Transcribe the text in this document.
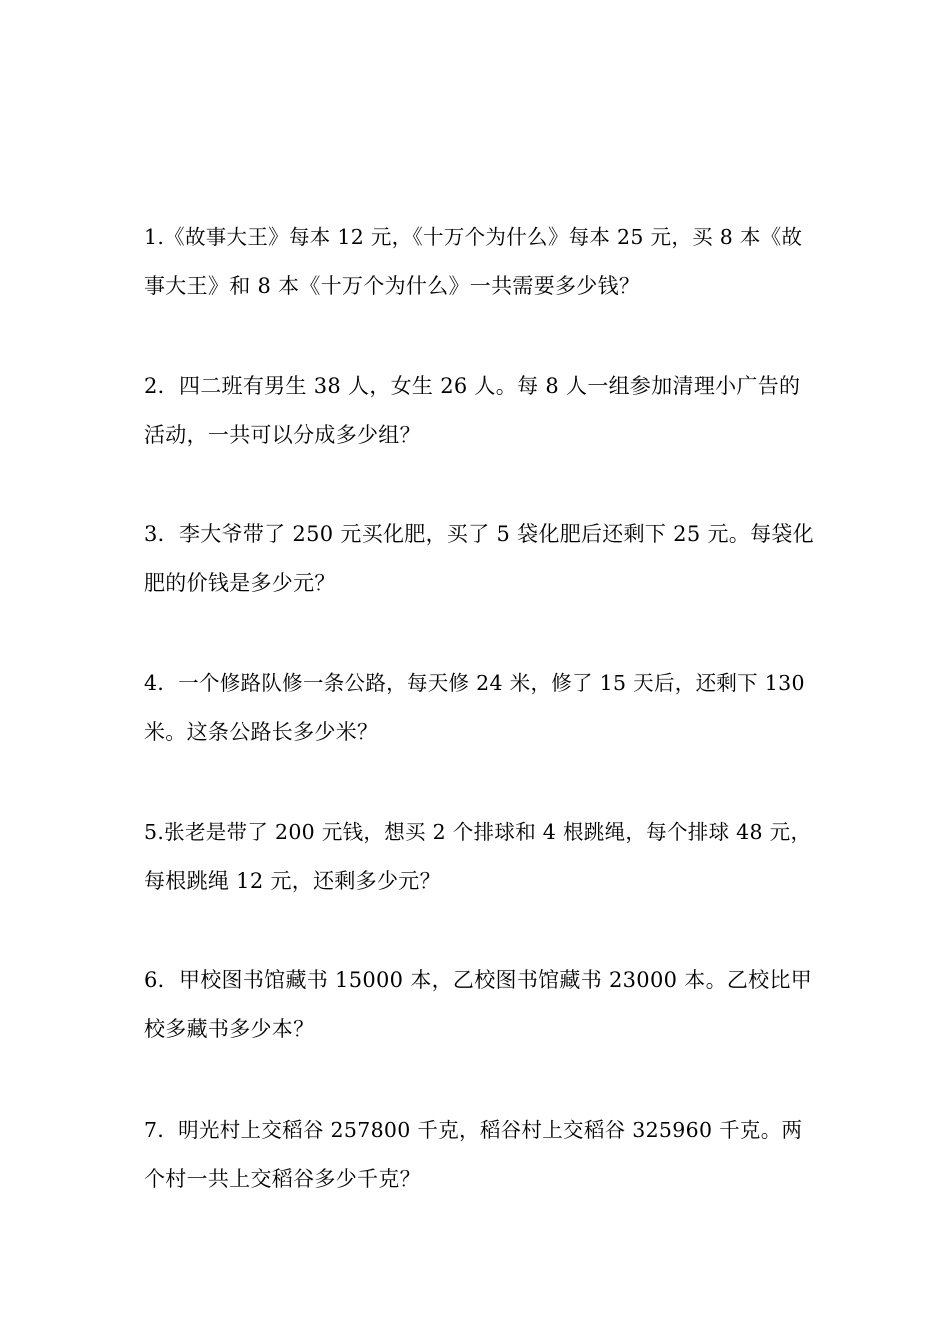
1.《故事大王》每本 12 元，《十万个为什么》每本 25 元，买 8 本《故
事大王》和 8 本《十万个为什么》一共需要多少钱？
2．四二班有男生 38 人，女生 26 人。每 8 人一组参加清理小广告的
活动，一共可以分成多少组？
3．李大爷带了 250 元买化肥，买了 5 袋化肥后还剩下 25 元。每袋化
肥的价钱是多少元？
4．一个修路队修一条公路，每天修 24 米，修了 15 天后，还剩下 130
米。这条公路长多少米？
5.张老是带了 200 元钱，想买 2 个排球和 4 根跳绳，每个排球 48 元，
每根跳绳 12 元，还剩多少元？
6．甲校图书馆藏书 15000 本，乙校图书馆藏书 23000 本。乙校比甲
校多藏书多少本？
7．明光村上交稻谷 257800 千克，稻谷村上交稻谷 325960 千克。两
个村一共上交稻谷多少千克？
